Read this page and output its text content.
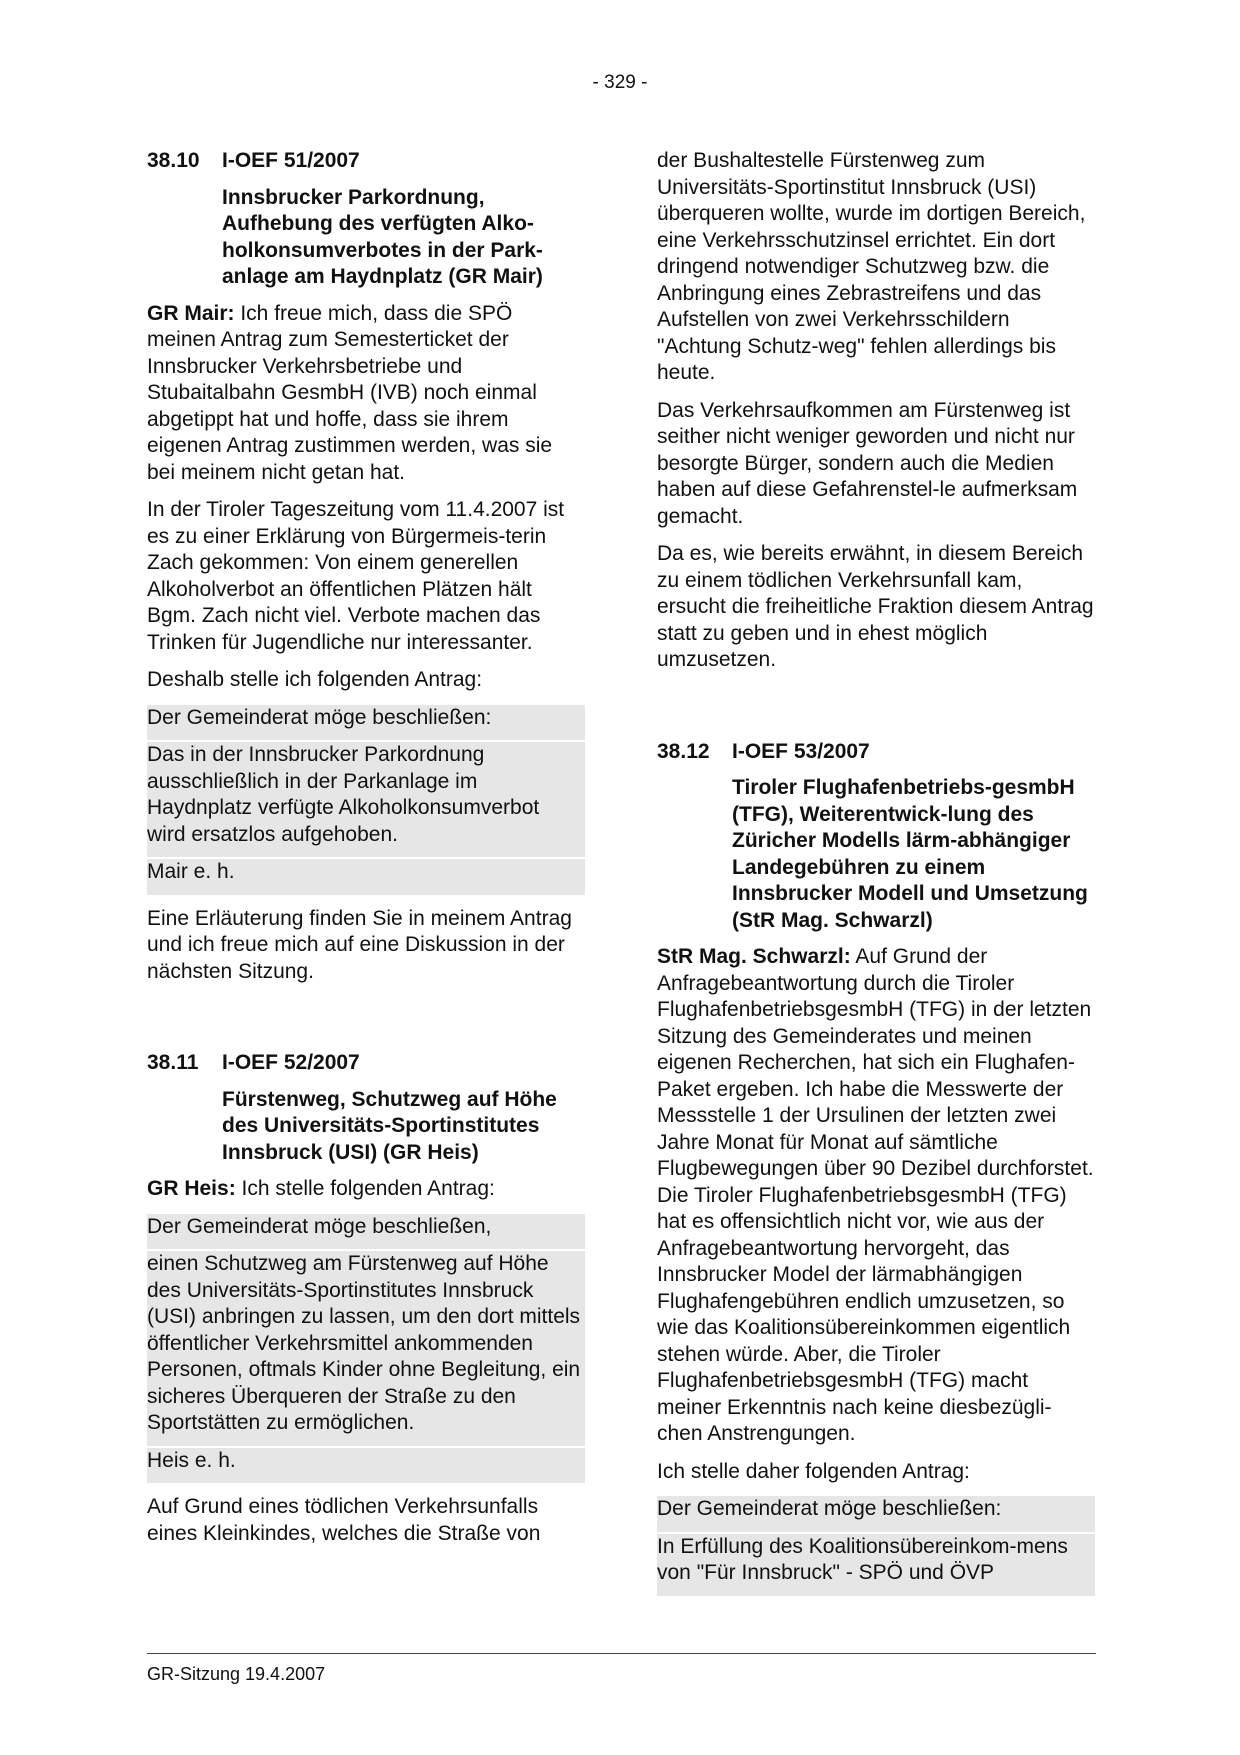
- 329 -
38.10 I-OEF 51/2007
Innsbrucker Parkordnung, Aufhebung des verfügten Alko-holkonsumverbotes in der Park-anlage am Haydnplatz (GR Mair)

GR Mair: Ich freue mich, dass die SPÖ meinen Antrag zum Semesterticket der Innsbrucker Verkehrsbetriebe und Stubaitalbahn GesmbH (IVB) noch einmal abgetippt hat und hoffe, dass sie ihrem eigenen Antrag zustimmen werden, was sie bei meinem nicht getan hat.

In der Tiroler Tageszeitung vom 11.4.2007 ist es zu einer Erklärung von Bürgermeis-terin Zach gekommen: Von einem generellen Alkoholverbot an öffentlichen Plätzen hält Bgm. Zach nicht viel. Verbote machen das Trinken für Jugendliche nur interessanter.

Deshalb stelle ich folgenden Antrag:

Der Gemeinderat möge beschließen:
Das in der Innsbrucker Parkordnung ausschließlich in der Parkanlage im Haydnplatz verfügte Alkoholkonsumverbot wird ersatzlos aufgehoben.
Mair e. h.

Eine Erläuterung finden Sie in meinem Antrag und ich freue mich auf eine Diskussion in der nächsten Sitzung.

38.11 I-OEF 52/2007
Fürstenweg, Schutzweg auf Höhe des Universitäts-Sportinstitutes Innsbruck (USI) (GR Heis)

GR Heis: Ich stelle folgenden Antrag:

Der Gemeinderat möge beschließen,
einen Schutzweg am Fürstenweg auf Höhe des Universitäts-Sportinstitutes Innsbruck (USI) anbringen zu lassen, um den dort mittels öffentlicher Verkehrsmittel ankommenden Personen, oftmals Kinder ohne Begleitung, ein sicheres Überqueren der Straße zu den Sportstätten zu ermöglichen.
Heis e. h.

Auf Grund eines tödlichen Verkehrsunfalls eines Kleinkindes, welches die Straße von

der Bushaltestelle Fürstenweg zum Universitäts-Sportinstitut Innsbruck (USI) überqueren wollte, wurde im dortigen Bereich, eine Verkehrsschutzinsel errichtet. Ein dort dringend notwendiger Schutzweg bzw. die Anbringung eines Zebrastreifens und das Aufstellen von zwei Verkehrsschildern "Achtung Schutz-weg" fehlen allerdings bis heute.

Das Verkehrsaufkommen am Fürstenweg ist seither nicht weniger geworden und nicht nur besorgte Bürger, sondern auch die Medien haben auf diese Gefahrenstel-le aufmerksam gemacht.

Da es, wie bereits erwähnt, in diesem Bereich zu einem tödlichen Verkehrsunfall kam, ersucht die freiheitliche Fraktion diesem Antrag statt zu geben und in ehest möglich umzusetzen.

38.12 I-OEF 53/2007
Tiroler Flughafenbetriebs-gesmbH (TFG), Weiterentwick-lung des Züricher Modells lärm-abhängiger Landegebühren zu einem Innsbrucker Modell und Umsetzung (StR Mag. Schwarzl)

StR Mag. Schwarzl: Auf Grund der Anfragebeantwortung durch die Tiroler FlughafenbetriebsgesmbH (TFG) in der letzten Sitzung des Gemeinderates und meinen eigenen Recherchen, hat sich ein Flughafen-Paket ergeben. Ich habe die Messwerte der Messstelle 1 der Ursulinen der letzten zwei Jahre Monat für Monat auf sämtliche Flugbewegungen über 90 Dezibel durchforstet. Die Tiroler FlughafenbetriebsgesmbH (TFG) hat es offensichtlich nicht vor, wie aus der Anfragebeantwortung hervorgeht, das Innsbrucker Model der lärmabhängigen Flughafengebühren endlich umzusetzen, so wie das Koalitionsübereinkommen eigentlich stehen würde. Aber, die Tiroler FlughafenbetriebsgesmbH (TFG) macht meiner Erkenntnis nach keine diesbezügli-chen Anstrengungen.

Ich stelle daher folgenden Antrag:

Der Gemeinderat möge beschließen:
In Erfüllung des Koalitionsübereinkom-mens von "Für Innsbruck" - SPÖ und ÖVP
GR-Sitzung 19.4.2007
